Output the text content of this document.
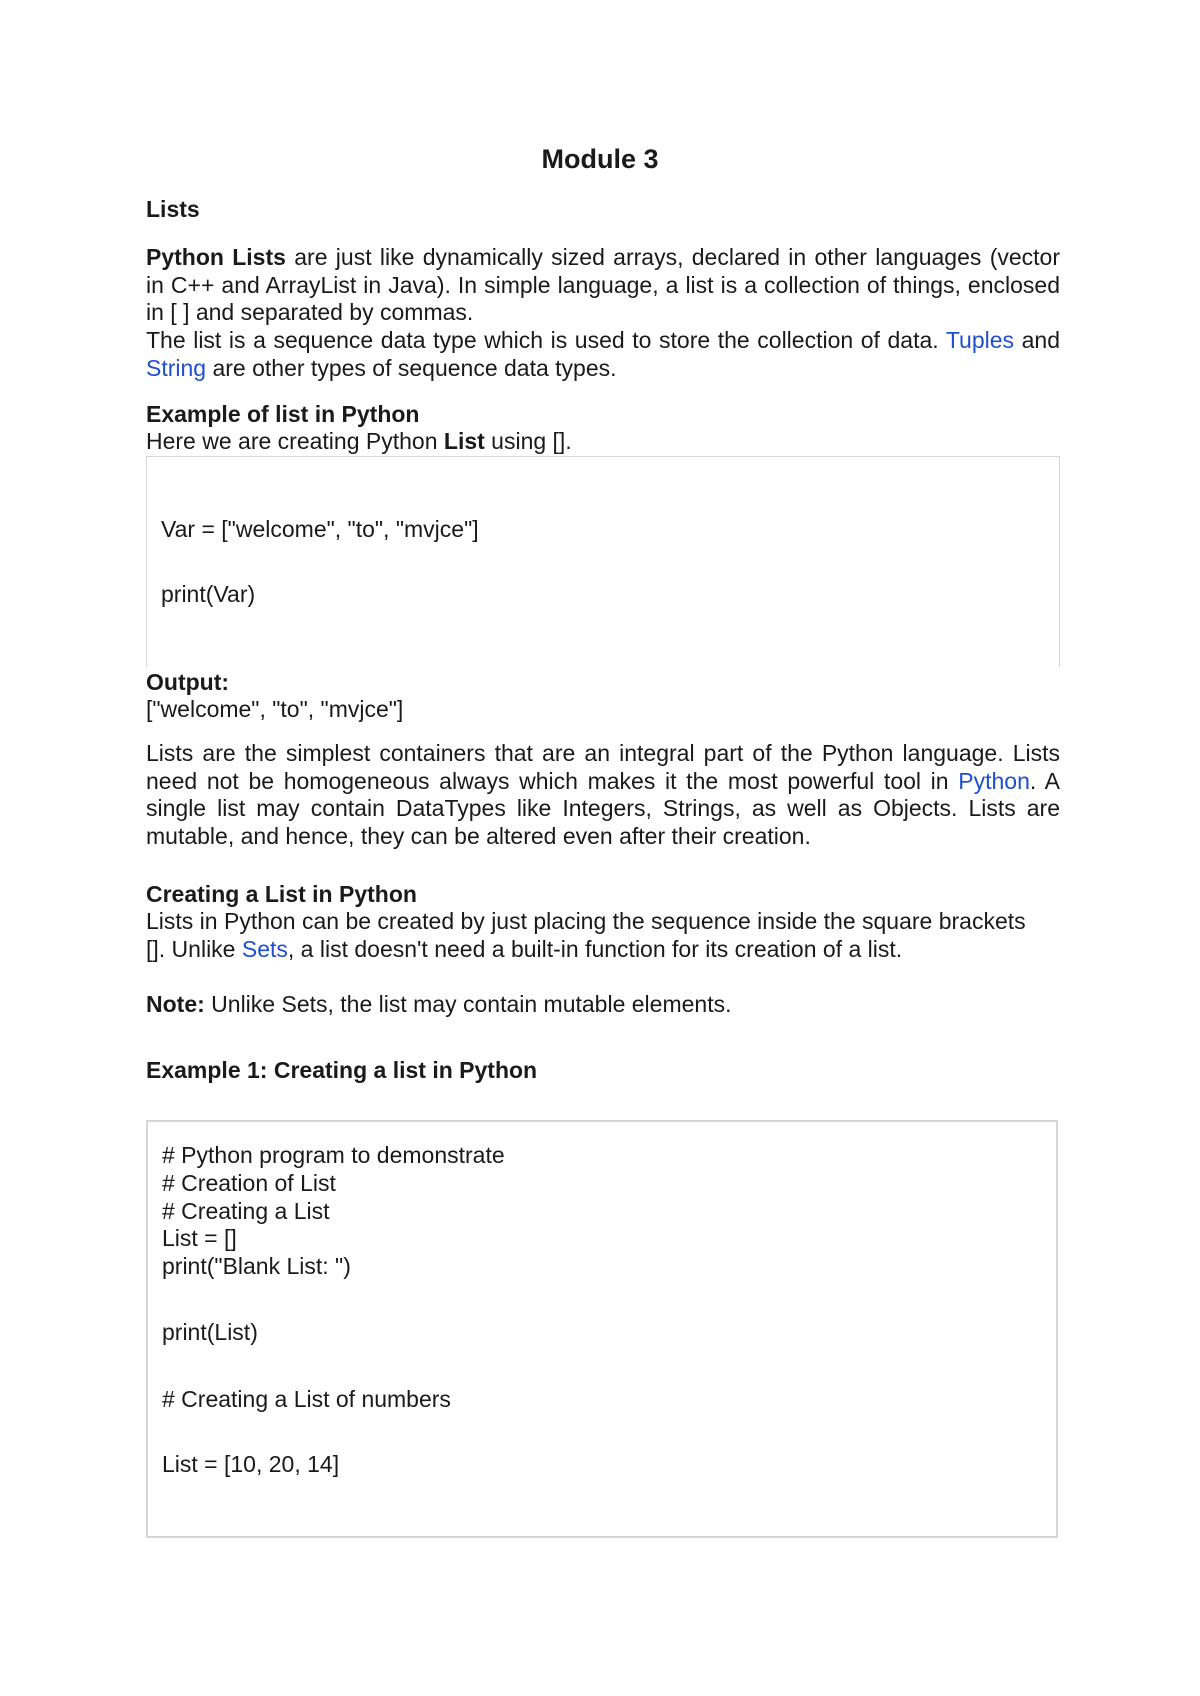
Module 3
Lists
Python Lists are just like dynamically sized arrays, declared in other languages (vector in C++ and ArrayList in Java). In simple language, a list is a collection of things, enclosed in [ ] and separated by commas.
The list is a sequence data type which is used to store the collection of data. Tuples and String are other types of sequence data types.
Example of list in Python
Here we are creating Python List using [].
Var = ["welcome", "to", "mvjce"]
print(Var)
Output:
["welcome", "to", "mvjce"]
Lists are the simplest containers that are an integral part of the Python language. Lists need not be homogeneous always which makes it the most powerful tool in Python. A single list may contain DataTypes like Integers, Strings, as well as Objects. Lists are mutable, and hence, they can be altered even after their creation.
Creating a List in Python
Lists in Python can be created by just placing the sequence inside the square brackets []. Unlike Sets, a list doesn't need a built-in function for its creation of a list.
Note: Unlike Sets, the list may contain mutable elements.
Example 1: Creating a list in Python
# Python program to demonstrate
# Creation of List
# Creating a List
List = []
print("Blank List: ")
print(List)
# Creating a List of numbers
List = [10, 20, 14]
